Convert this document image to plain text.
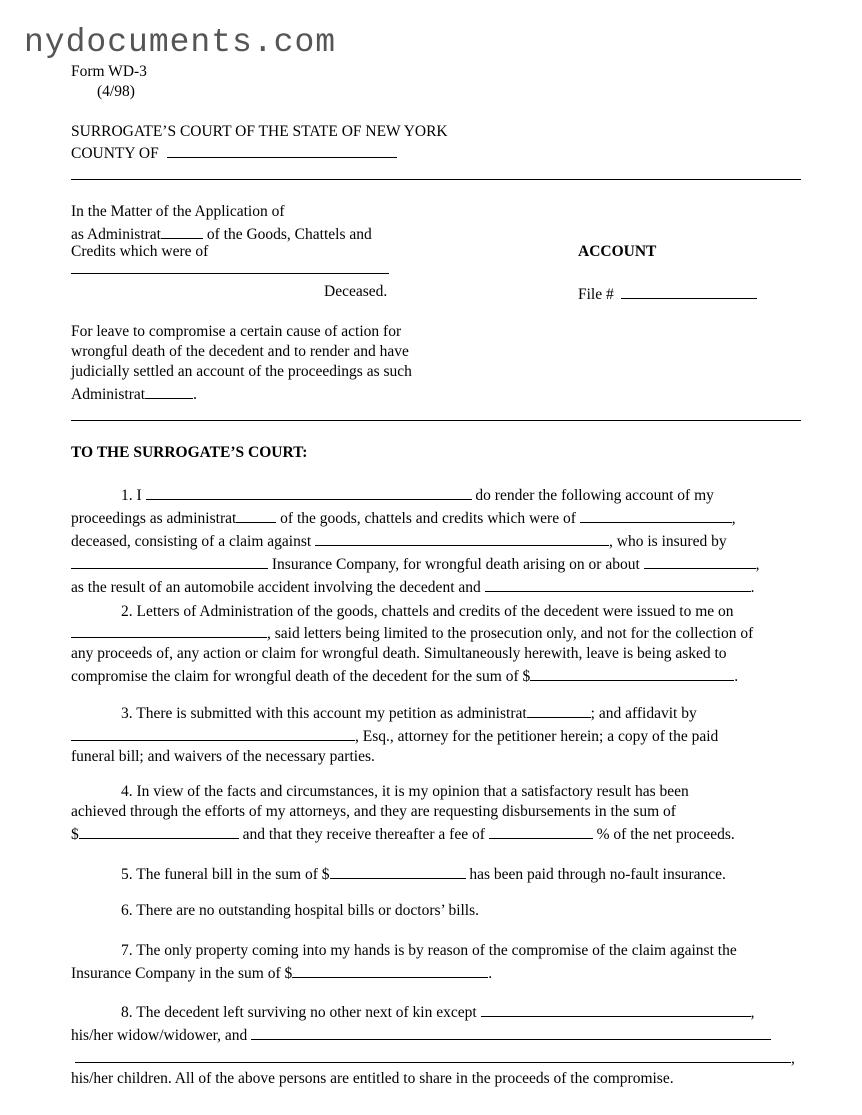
nydocuments.com
Form WD-3
(4/98)
SURROGATE’S COURT OF THE STATE OF NEW YORK
COUNTY OF
In the Matter of the Application of
as Administrat	of the Goods, Chattels and
Credits which were of
Deceased.
ACCOUNT
File #
For leave to compromise a certain cause of action for
wrongful death of the decedent and to render and have
judicially settled an account of the proceedings as such
Administrat	.
TO THE SURROGATE’S COURT:

1. I	do render the following account of my

proceedings as administrat	of the goods, chattels and credits which were of	,

deceased, consisting of a claim against	, who is insured by

Insurance Company, for wrongful death arising on or about	,

as the result of an automobile accident involving the decedent and	.

2. Letters of Administration of the goods, chattels and credits of the decedent were issued to me on

, said letters being limited to the prosecution only, and not for the collection of

any proceeds of, any action or claim for wrongful death. Simultaneously herewith, leave is being asked to

compromise the claim for wrongful death of the decedent for the sum of $	.

3. There is submitted with this account my petition as administrat	; and affidavit by

, Esq., attorney for the petitioner herein; a copy of the paid

funeral bill; and waivers of the necessary parties.

4. In view of the facts and circumstances, it is my opinion that a satisfactory result has been

achieved through the efforts of my attorneys, and they are requesting disbursements in the sum of

$	and that they receive thereafter a fee of	% of the net proceeds.

5. The funeral bill in the sum of $	has been paid through no-fault insurance.

6. There are no outstanding hospital bills or doctors’ bills.

7. The only property coming into my hands is by reason of the compromise of the claim against the

Insurance Company in the sum of $	.

8. The decedent left surviving no other next of kin except	,

his/her widow/widower, and

,

his/her children. All of the above persons are entitled to share in the proceeds of the compromise.
